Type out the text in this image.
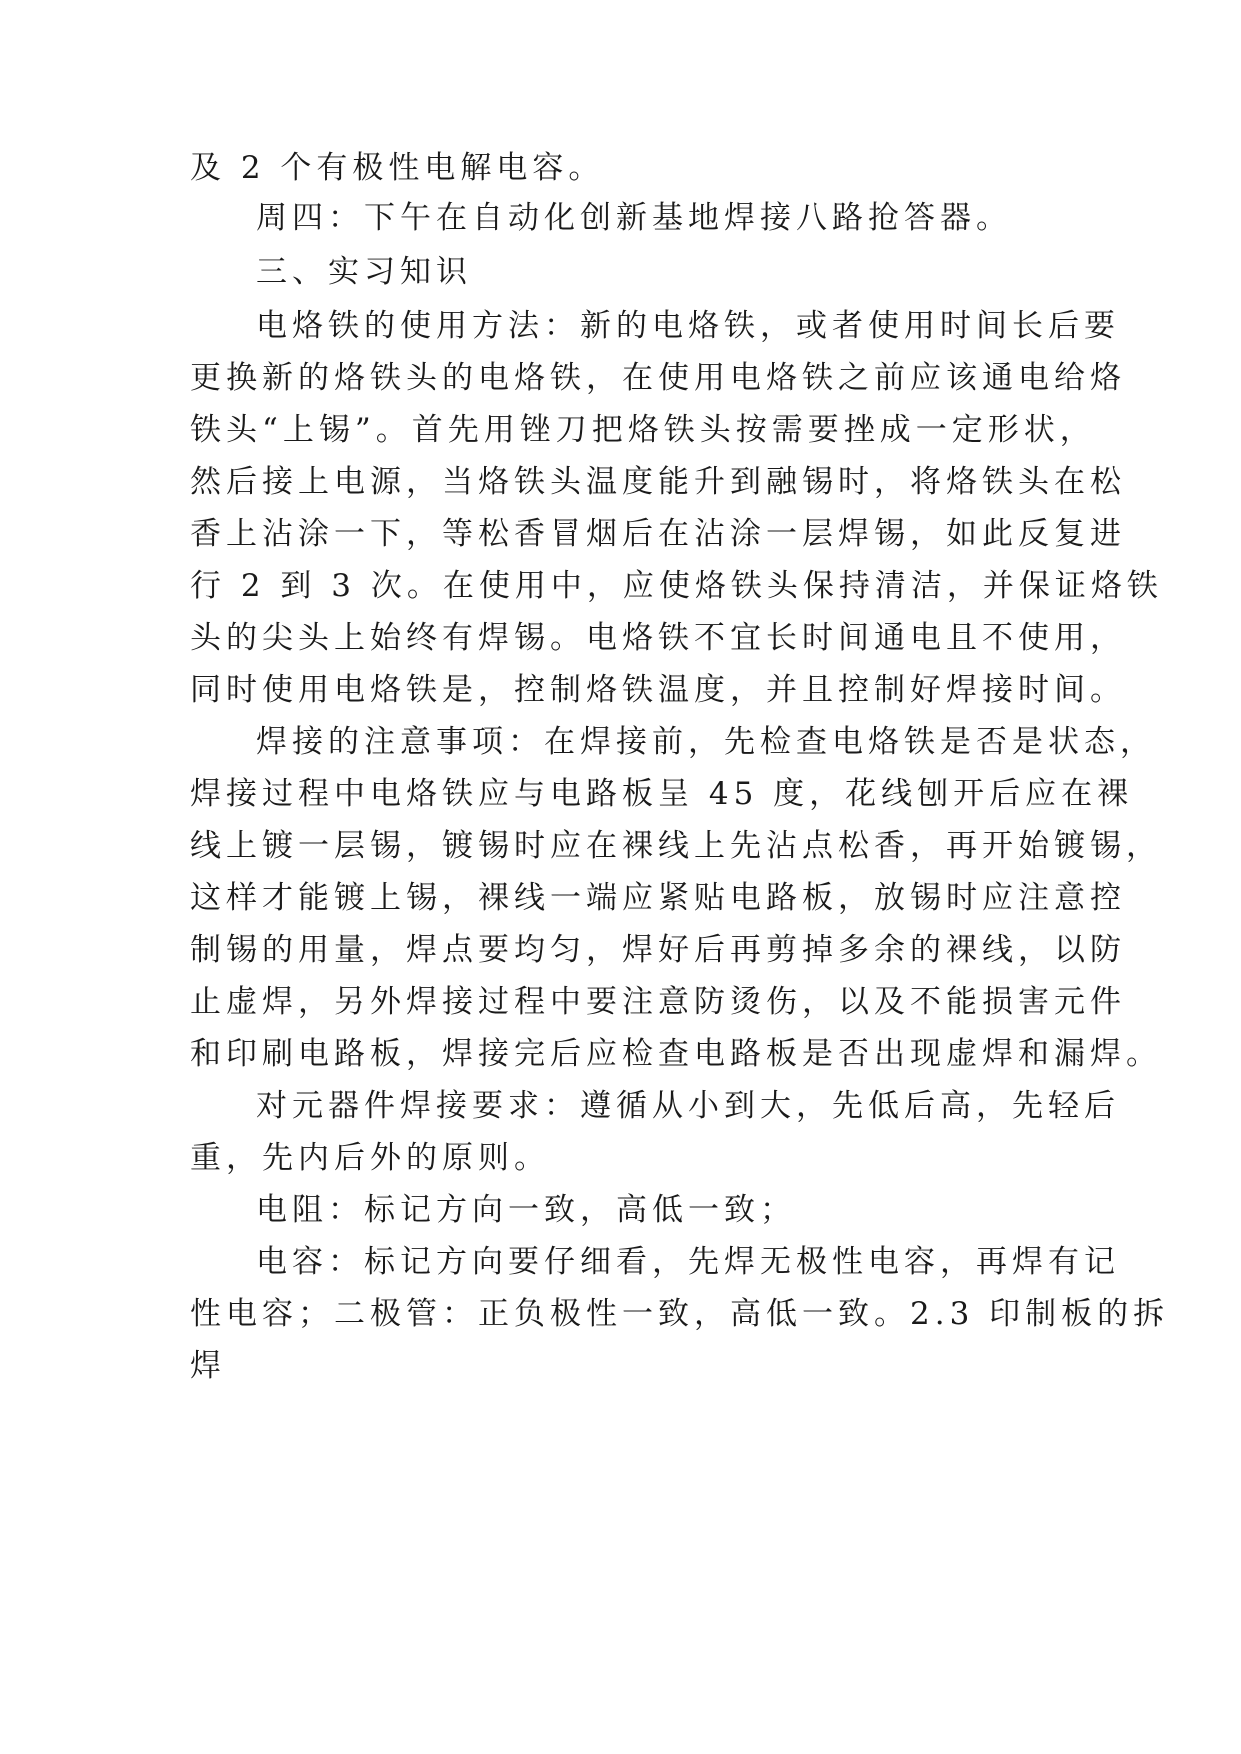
及 2 个有极性电解电容。
周四：下午在自动化创新基地焊接八路抢答器。
三、实习知识
电烙铁的使用方法：新的电烙铁，或者使用时间长后要
更换新的烙铁头的电烙铁，在使用电烙铁之前应该通电给烙
铁头“上锡”。首先用锉刀把烙铁头按需要挫成一定形状，
然后接上电源，当烙铁头温度能升到融锡时，将烙铁头在松
香上沾涂一下，等松香冒烟后在沾涂一层焊锡，如此反复进
行 2 到 3 次。在使用中，应使烙铁头保持清洁，并保证烙铁
头的尖头上始终有焊锡。电烙铁不宜长时间通电且不使用，
同时使用电烙铁是，控制烙铁温度，并且控制好焊接时间。
焊接的注意事项：在焊接前，先检查电烙铁是否是状态，
焊接过程中电烙铁应与电路板呈 45 度，花线刨开后应在裸
线上镀一层锡，镀锡时应在裸线上先沾点松香，再开始镀锡，
这样才能镀上锡，裸线一端应紧贴电路板，放锡时应注意控
制锡的用量，焊点要均匀，焊好后再剪掉多余的裸线，以防
止虚焊，另外焊接过程中要注意防烫伤，以及不能损害元件
和印刷电路板，焊接完后应检查电路板是否出现虚焊和漏焊。
对元器件焊接要求：遵循从小到大，先低后高，先轻后
重，先内后外的原则。
电阻：标记方向一致，高低一致；
电容：标记方向要仔细看，先焊无极性电容，再焊有记
性电容；二极管：正负极性一致，高低一致。2.3 印制板的拆
焊
